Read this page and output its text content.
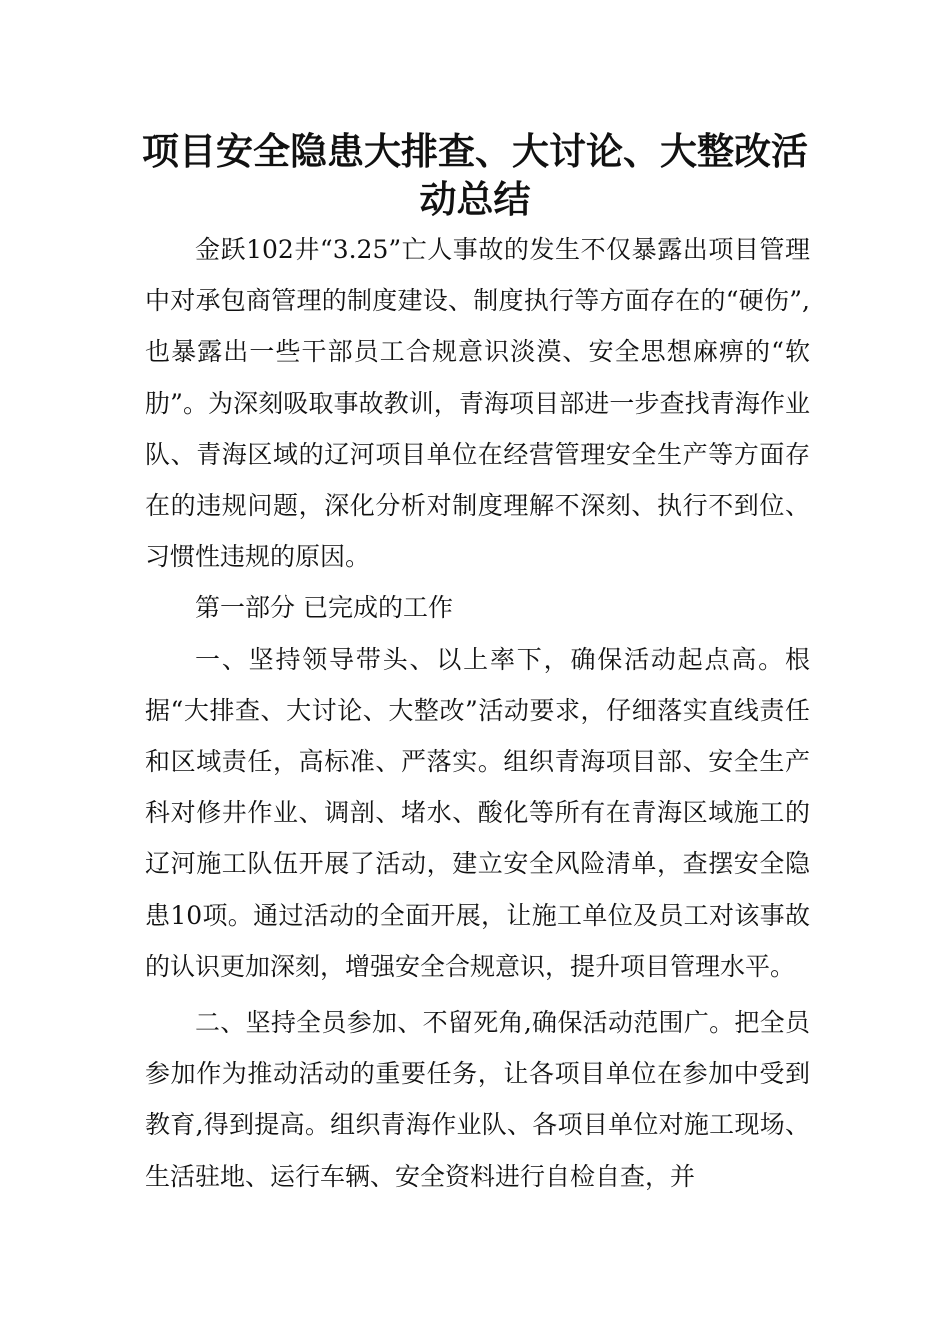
项目安全隐患大排查、大讨论、大整改活
动总结

金跃102井“3.25”亡人事故的发生不仅暴露出项目管理中对承包商管理的制度建设、制度执行等方面存在的“硬伤”,也暴露出一些干部员工合规意识淡漠、安全思想麻痹的“软肋”。为深刻吸取事故教训，青海项目部进一步查找青海作业队、青海区域的辽河项目单位在经营管理安全生产等方面存在的违规问题，深化分析对制度理解不深刻、执行不到位、习惯性违规的原因。

第一部分 已完成的工作

一、坚持领导带头、以上率下，确保活动起点高。根据“大排查、大讨论、大整改”活动要求，仔细落实直线责任和区域责任，高标准、严落实。组织青海项目部、安全生产科对修井作业、调剖、堵水、酸化等所有在青海区域施工的辽河施工队伍开展了活动，建立安全风险清单，查摆安全隐患10项。通过活动的全面开展，让施工单位及员工对该事故的认识更加深刻，增强安全合规意识，提升项目管理水平。

二、坚持全员参加、不留死角,确保活动范围广。把全员参加作为推动活动的重要任务，让各项目单位在参加中受到教育,得到提高。组织青海作业队、各项目单位对施工现场、生活驻地、运行车辆、安全资料进行自检自查，并
